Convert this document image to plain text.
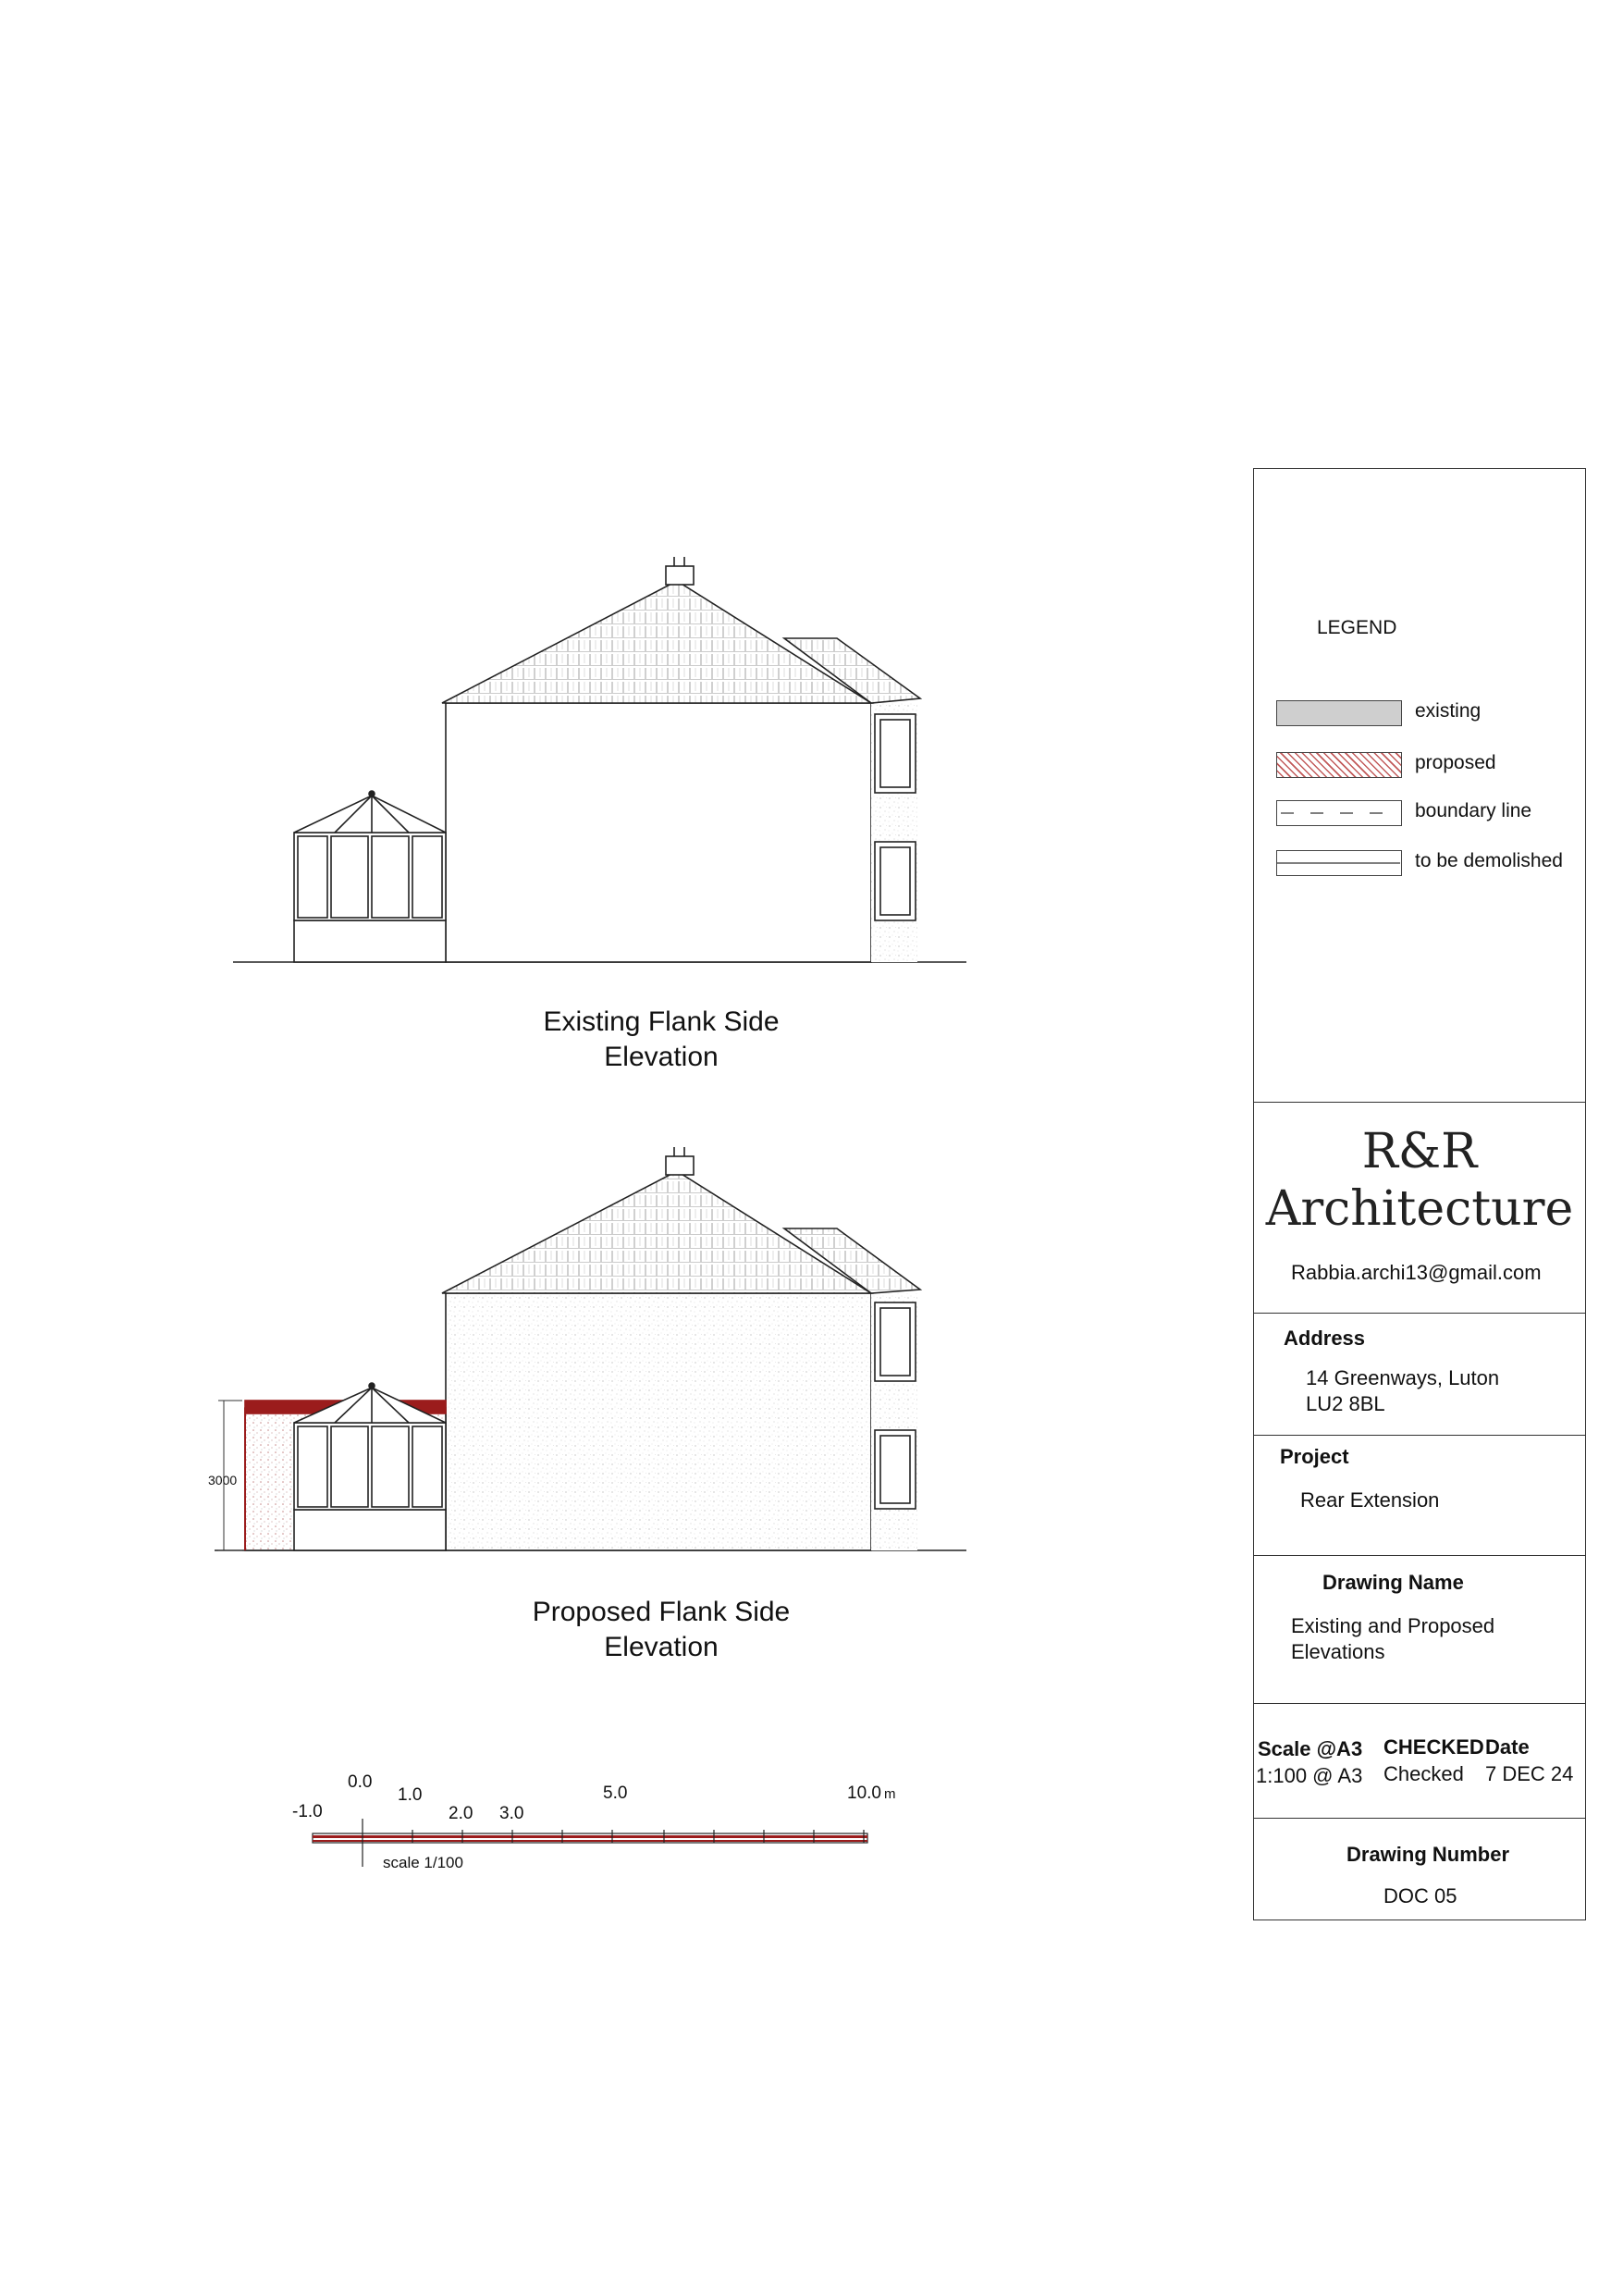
Existing Flank Side
Elevation
Proposed Flank Side
Elevation
3000
-1.0
0.0
1.0
2.0 3.0
5.0	10.0 m
scale 1/100
LEGEND
existing
proposed
boundary line
to be demolished
R&R
Architecture
Rabbia.archi13@gmail.com
Address
14 Greenways, Luton
LU2 8BL
Project
Rear Extension
Drawing Name
Existing and Proposed
Elevations
Scale @A3
1:100 @ A3
CHECKED
Checked
Date
7 DEC 24
Drawing Number
DOC 05
